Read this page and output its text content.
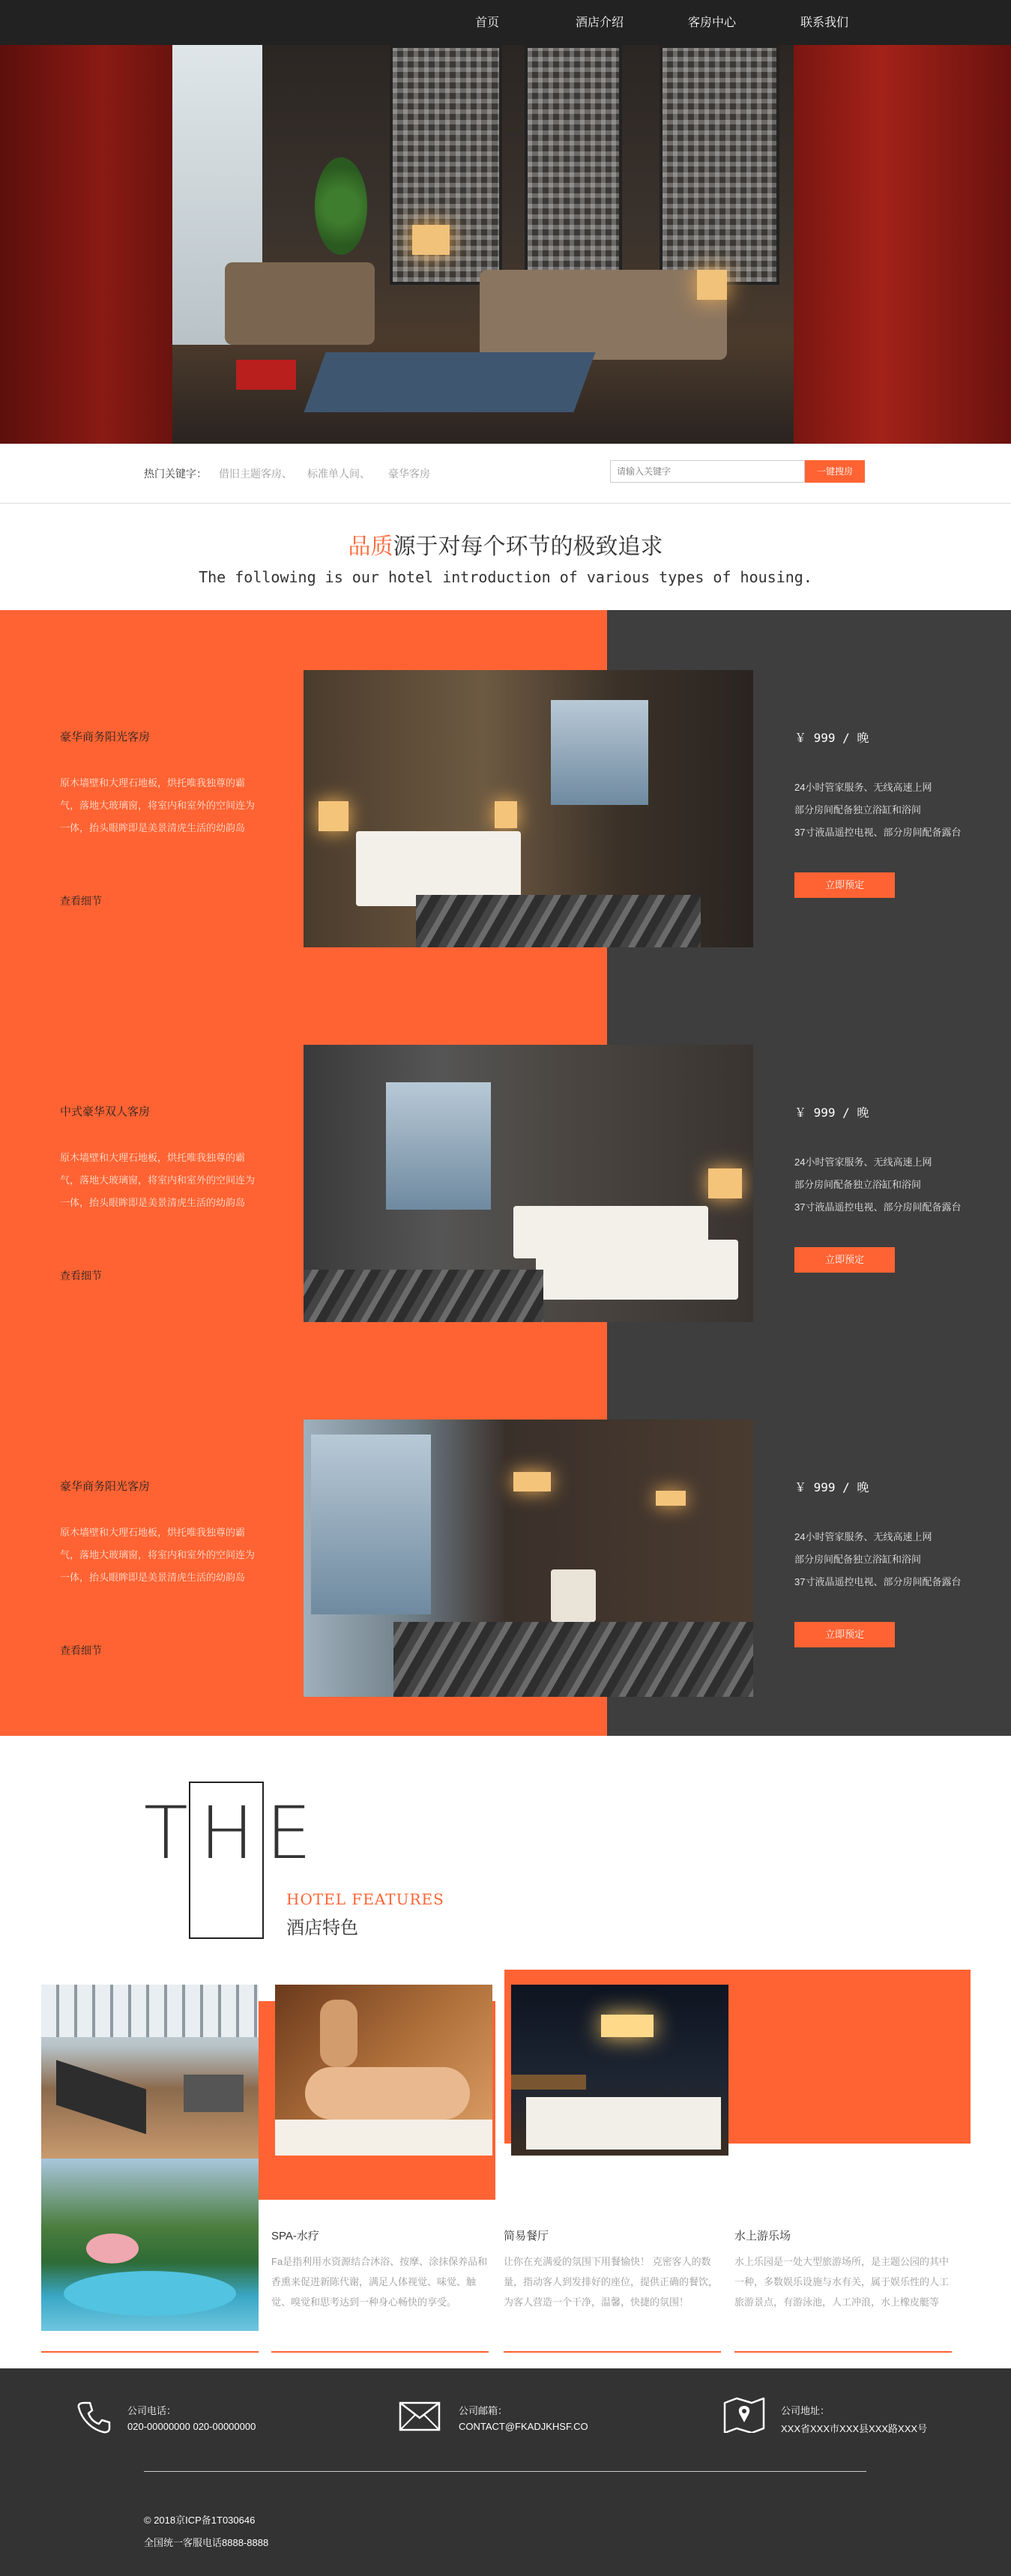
首页	酒店介绍	客房中心	联系我们
热门关键字： 借旧主题客房、 标准单人间、 豪华客房
请输入关键字	一键搜房
品质源于对每个环节的极致追求
The following is our hotel introduction of various types of housing.
豪华商务阳光客房
原木墙壁和大理石地板，烘托唯我独尊的霸气，落地大玻璃窗，将室内和室外的空间连为一体，抬头眼眸即是美景清虎生活的幼韵岛
查看细节
￥ 999 / 晚
24小时管家服务、无线高速上网
部分房间配备独立浴缸和浴间
37寸液晶遥控电视、部分房间配备露台
立即预定
中式豪华双人客房
原木墙壁和大理石地板，烘托唯我独尊的霸气，落地大玻璃窗，将室内和室外的空间连为一体，抬头眼眸即是美景清虎生活的幼韵岛
查看细节
￥ 999 / 晚
24小时管家服务、无线高速上网
部分房间配备独立浴缸和浴间
37寸液晶遥控电视、部分房间配备露台
立即预定
豪华商务阳光客房
原木墙壁和大理石地板，烘托唯我独尊的霸气，落地大玻璃窗，将室内和室外的空间连为一体，抬头眼眸即是美景清虎生活的幼韵岛
查看细节
￥ 999 / 晚
24小时管家服务、无线高速上网
部分房间配备独立浴缸和浴间
37寸液晶遥控电视、部分房间配备露台
立即预定
THE
HOTEL FEATURES
酒店特色
SPA-水疗
Fa是指利用水资源结合沐浴、按摩、涂抹保养品和香熏来促进新陈代谢，满足人体视觉、味觉、触觉、嗅觉和思考达到一种身心畅快的享受。
简易餐厅
让你在充满爱的氛围下用餐愉快！ 克密客人的数量，指动客人到发排好的座位，提供正确的餐饮，为客人营造一个干净，温馨，快捷的氛围！
水上游乐场
水上乐园是一处大型旅游场所，是主题公园的其中一种，多数娱乐设施与水有关，属于娱乐性的人工旅游景点，有游泳池，人工冲浪，水上橡皮艇等
公司电话：
020-00000000 020-00000000
公司邮箱：
CONTACT@FKADJKHSF.CO
公司地址：
XXX省XXX市XXX县XXX路XXX号
© 2018京ICP备1T030646
全国统一客服电话8888-8888
